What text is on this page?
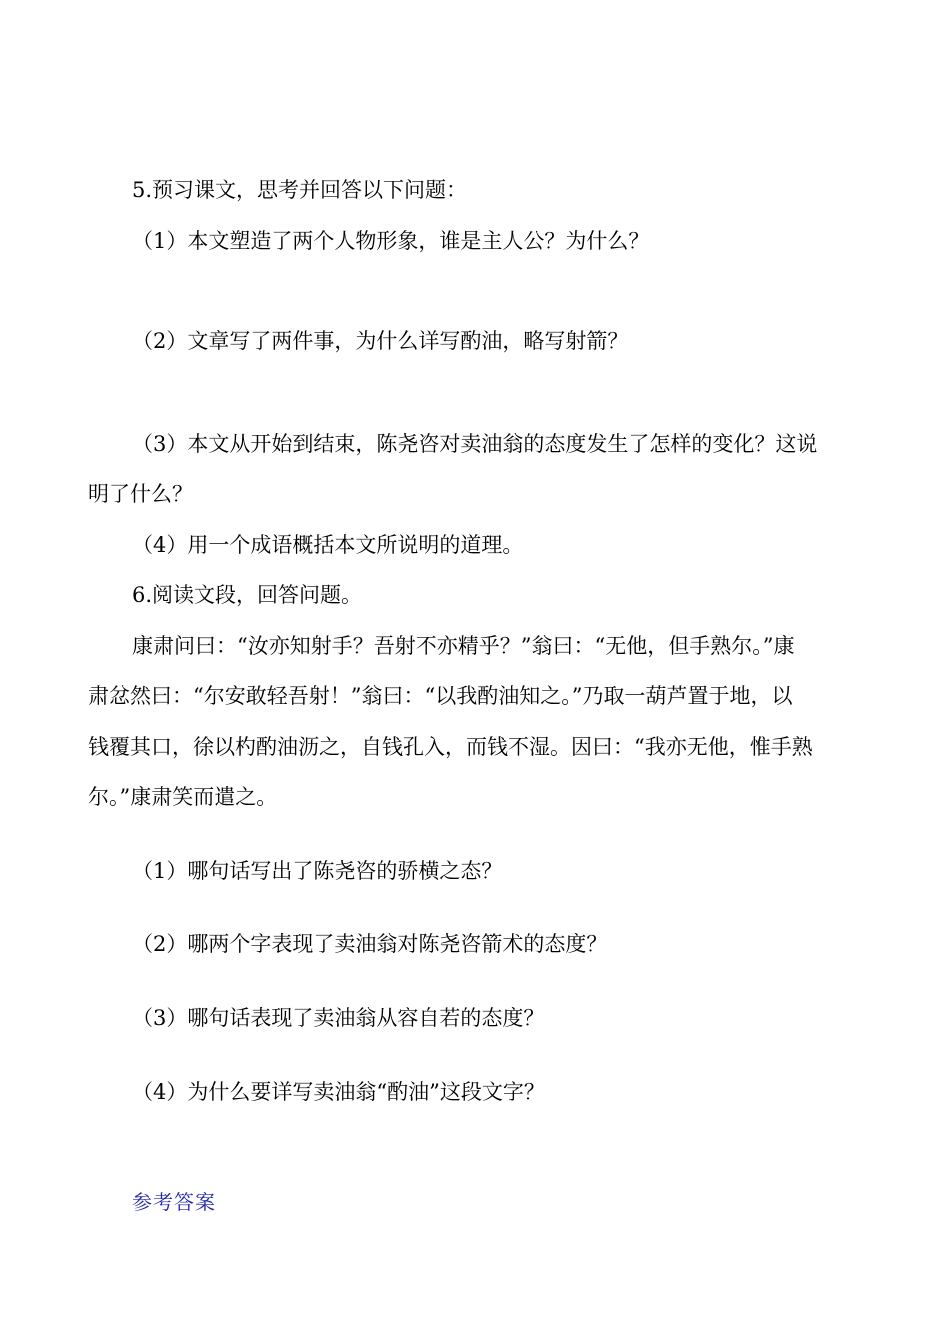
5.预习课文，思考并回答以下问题：
（1）本文塑造了两个人物形象，谁是主人公？为什么？
（2）文章写了两件事，为什么详写酌油，略写射箭？
（3）本文从开始到结束，陈尧咨对卖油翁的态度发生了怎样的变化？这说
明了什么？
（4）用一个成语概括本文所说明的道理。
6.阅读文段，回答问题。
康肃问曰：“汝亦知射手？吾射不亦精乎？”翁曰：“无他，但手熟尔。”康
肃忿然曰：“尔安敢轻吾射！”翁曰：“以我酌油知之。”乃取一葫芦置于地，以
钱覆其口，徐以杓酌油沥之，自钱孔入，而钱不湿。因曰：“我亦无他，惟手熟
尔。”康肃笑而遣之。
（1）哪句话写出了陈尧咨的骄横之态？
（2）哪两个字表现了卖油翁对陈尧咨箭术的态度？
（3）哪句话表现了卖油翁从容自若的态度？
（4）为什么要详写卖油翁“酌油”这段文字？
参考答案
